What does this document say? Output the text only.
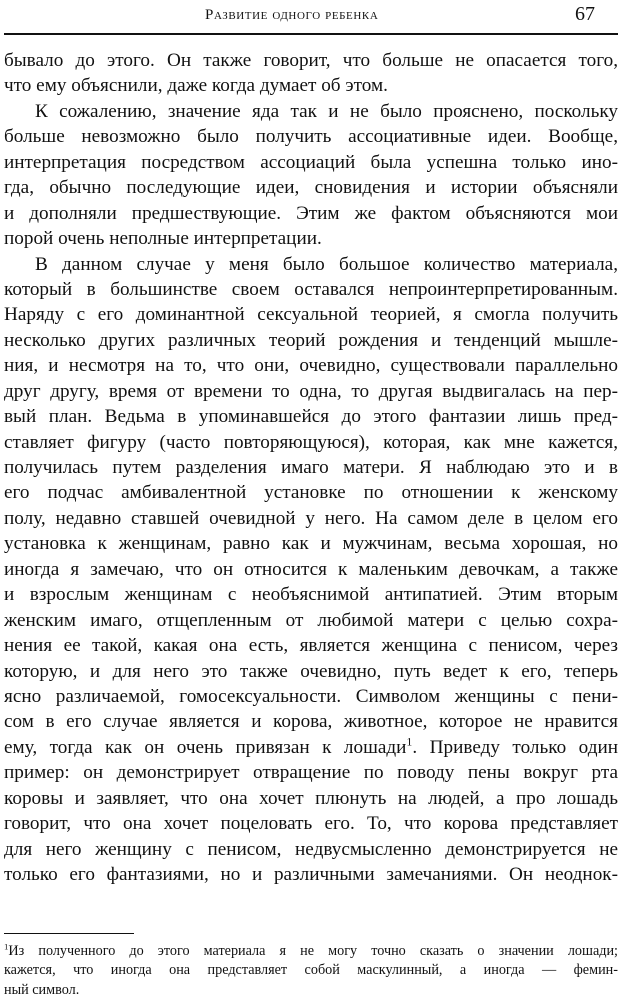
Развитие одного ребенка	67
бывало до этого. Он также говорит, что больше не опасается того,
что ему объяснили, даже когда думает об этом.
К сожалению, значение яда так и не было прояснено, поскольку
больше невозможно было получить ассоциативные идеи. Вообще,
интерпретация посредством ассоциаций была успешна только ино-
гда, обычно последующие идеи, сновидения и истории объясняли
и дополняли предшествующие. Этим же фактом объясняются мои
порой очень неполные интерпретации.
В данном случае у меня было большое количество материала,
который в большинстве своем оставался непроинтерпретированным.
Наряду с его доминантной сексуальной теорией, я смогла получить
несколько других различных теорий рождения и тенденций мышле-
ния, и несмотря на то, что они, очевидно, существовали параллельно
друг другу, время от времени то одна, то другая выдвигалась на пер-
вый план. Ведьма в упоминавшейся до этого фантазии лишь пред-
ставляет фигуру (часто повторяющуюся), которая, как мне кажется,
получилась путем разделения имаго матери. Я наблюдаю это и в
его подчас амбивалентной установке по отношении к женскому
полу, недавно ставшей очевидной у него. На самом деле в целом его
установка к женщинам, равно как и мужчинам, весьма хорошая, но
иногда я замечаю, что он относится к маленьким девочкам, а также
и взрослым женщинам с необъяснимой антипатией. Этим вторым
женским имаго, отщепленным от любимой матери с целью сохра-
нения ее такой, какая она есть, является женщина с пенисом, через
которую, и для него это также очевидно, путь ведет к его, теперь
ясно различаемой, гомосексуальности. Символом женщины с пени-
сом в его случае является и корова, животное, которое не нравится
ему, тогда как он очень привязан к лошади$^1$. Приведу только один
пример: он демонстрирует отвращение по поводу пены вокруг рта
коровы и заявляет, что она хочет плюнуть на людей, а про лошадь
говорит, что она хочет поцеловать его. То, что корова представляет
для него женщину с пенисом, недвусмысленно демонстрируется не
только его фантазиями, но и различными замечаниями. Он неоднок-
$^1$Из полученного до этого материала я не могу точно сказать о значении лошади;
кажется, что иногда она представляет собой маскулинный, а иногда — фемин-
ный символ.
